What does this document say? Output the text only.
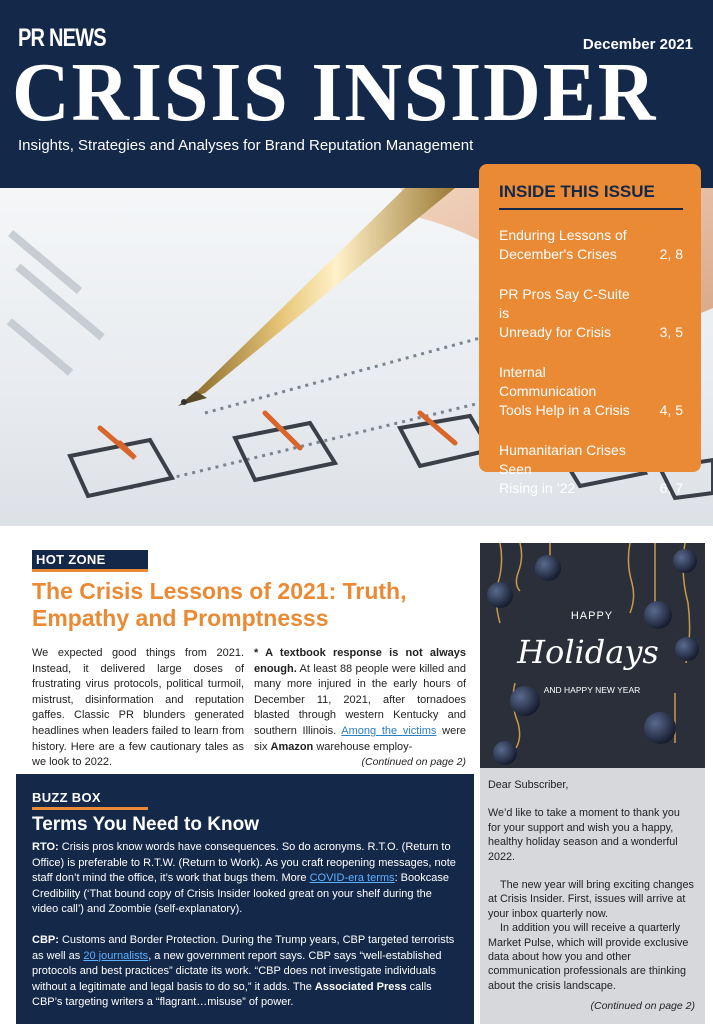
PR NEWS	December 2021
CRISIS INSIDER
Insights, Strategies and Analyses for Brand Reputation Management
INSIDE THIS ISSUE
Enduring Lessons of
December's Crises	2, 8
PR Pros Say C-Suite is
Unready for Crisis	3, 5
Internal Communication
Tools Help in a Crisis	4, 5
Humanitarian Crises Seen
Rising in ’22	6, 7
HOT ZONE
The Crisis Lessons of 2021: Truth,
Empathy and Promptnesss
We expected good things from 2021. Instead, it delivered large doses of frustrating virus protocols, political turmoil, mistrust, disinformation and reputation gaffes. Classic PR blunders generated headlines when leaders failed to learn from history. Here are a few cautionary tales as we look to 2022.
* A textbook response is not always enough. At least 88 people were killed and many more injured in the early hours of December 11, 2021, after tornadoes blasted through western Kentucky and southern Illinois. Among the victims were six Amazon warehouse employ-
(Continued on page 2)
HAPPY
Holidays
AND HAPPY NEW YEAR

Dear Subscriber,

We’d like to take a moment to thank you for your support and wish you a happy, healthy holiday season and a wonderful 2022.

The new year will bring exciting changes at Crisis Insider. First, issues will arrive at your inbox quarterly now.

In addition you will receive a quarterly Market Pulse, which will provide exclusive data about how you and other communication professionals are thinking about the crisis landscape.

(Continued on page 2)
BUZZ BOX
Terms You Need to Know

RTO: Crisis pros know words have consequences. So do acronyms. R.T.O. (Return to Office) is preferable to R.T.W. (Return to Work). As you craft reopening messages, note staff don’t mind the office, it’s work that bugs them. More COVID-era terms: Bookcase Credibility (‘That bound copy of Crisis Insider looked great on your shelf during the video call’) and Zoombie (self-explanatory).

CBP: Customs and Border Protection. During the Trump years, CBP targeted terrorists as well as 20 journalists, a new government report says. CBP says “well-established protocols and best practices” dictate its work. “CBP does not investigate individuals without a legitimate and legal basis to do so,” it adds. The Associated Press calls CBP’s targeting writers a “flagrant…misuse” of power.
